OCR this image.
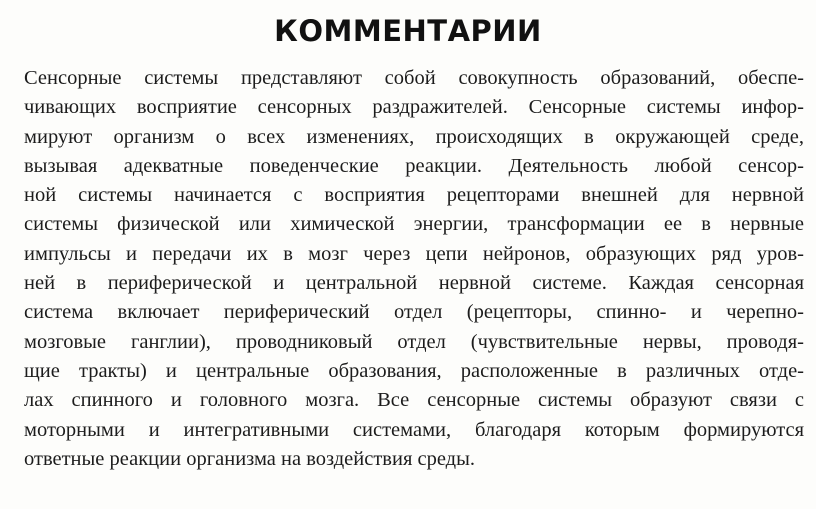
КОММЕНТАРИИ
Сенсорные системы представляют собой совокупность образований, обеспе-
чивающих восприятие сенсорных раздражителей. Сенсорные системы инфор-
мируют организм о всех изменениях, происходящих в окружающей среде,
вызывая адекватные поведенческие реакции. Деятельность любой сенсор-
ной системы начинается с восприятия рецепторами внешней для нервной
системы физической или химической энергии, трансформации ее в нервные
импульсы и передачи их в мозг через цепи нейронов, образующих ряд уров-
ней в периферической и центральной нервной системе. Каждая сенсорная
система включает периферический отдел (рецепторы, спинно- и черепно-
мозговые ганглии), проводниковый отдел (чувствительные нервы, проводя-
щие тракты) и центральные образования, расположенные в различных отде-
лах спинного и головного мозга. Все сенсорные системы образуют связи с
моторными и интегративными системами, благодаря которым формируются
ответные реакции организма на воздействия среды.
